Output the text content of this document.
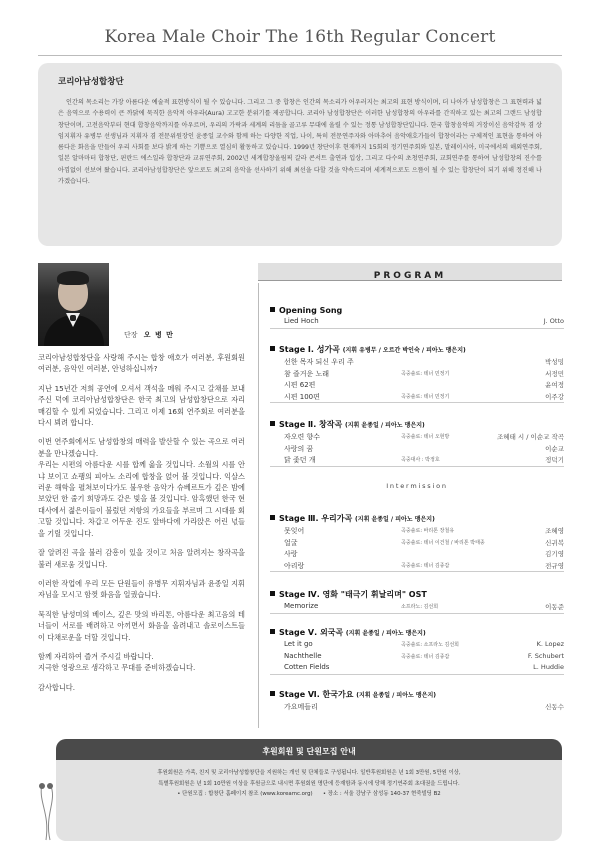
Korea Male Choir The 16th Regular Concert
코리아남성합창단

인간의 목소리는 가장 아름다운 예술적 표현방식이 될 수 있습니다. 그리고 그 중 합창은 인간의 목소리가 어우러지는 최고의 표현 방식이며, 더 나아가 남성합창은 그 표현력과 넓은 음역으로 수용력이 큰 까닭에 묵직한 음악적 아우라(Aura) 고고한 분위기를 제공합니다. 코리아 남성합창단은 이러한 남성합창의 아우라를 간직하고 있는 최고의 그랜드 남성합창단이며, 고전음악부터 현대 합창음악까지를 아우르며, 우리의 가락과 세계의 리듬을 골고루 무대에 올릴 수 있는 정통 남성합창단입니다. 한국 합창음악의 거장이신 음악감독 겸 상임지휘자 유병무 선생님과 지휘자 겸 전문위원장인 윤종일 교수와 함께 하는 다양한 직업, 나이, 특히 전문연주자와 아마추어 음악애호가들이 합창이라는 구체적인 표현을 통하여 아름다운 화음을 만들어 우리 사회를 보다 밝게 하는 기쁨으로 열심히 활동하고 있습니다. 1999년 창단이후 현재까지 15회의 정기연주회와 일본, 말레이시아, 미국에서의 해외연주회, 일본 알마마터 합창단, 핀란드 에스일라 합창단과 교류연주회, 2002년 세계합창올림픽 갈라 콘서트 출연과 입상, 그리고 다수의 초청연주회, 교회연주를 통하여 남성합창의 진수를 아낌없이 선보여 왔습니다. 코리아남성합창단은 앞으로도 최고의 음악을 선사하기 위해 최선을 다할 것을 약속드리며 세계적으로도 으뜸이 될 수 있는 합창단이 되기 위해 정진해 나가겠습니다.

단장 오 병 만

코리아남성합창단을 사랑해 주시는 합창 애호가 여러분, 후원회원 여러분, 음악인 여러분, 안녕하십니까?

지난 15년간 저희 공연에 오셔서 객석을 메워 주시고 갈채를 보내주신 덕에 코리아남성합창단은 한국 최고의 남성합창단으로 자리매김할 수 있게 되었습니다. 그리고 이제 16회 연주회로 여러분을 다시 뵈려 합니다.

이번 연주회에서도 남성합창의 매력을 발산할 수 있는 곡으로 여러분을 만나겠습니다.

우리는 시편의 아름다운 시를 합께 읊을 것입니다. 소월의 시를 안냐 보이고 쇼팽의 피아노 소리에 합창을 얹어 볼 것입니다. 익살스러운 해학을 펼쳐보이다가도 불우한 음악가 슈베르트가 깊은 밤에 보았던 한 줄기 희망과도 같은 빛을 볼 것입니다. 암흑했던 한국 현대사에서 젊은이들이 불렀던 저항의 가요들을 부르며 그 시대를 회고할 것입니다. 차갑고 어두운 진도 앞바다에 가라앉은 어린 넋들을 기릴 것입니다.

잘 알려진 곡을 불러 감흥이 있을 것이고 처음 알려지는 창작곡을 불러 새로움 것입니다.

이러한 작업에 우리 모든 단원들이 유병무 지휘자님과 윤종일 지휘자님을 모시고 함껏 화음을 일궜습니다.

묵직한 남성미의 베이스, 깊은 맛의 바리톤, 아름다운 최고음의 테너들이 서로를 배려하고 아끼면서 화음을 올려내고 솔로이스트들이 다채로운을 더할 것입니다.

함께 자리하여 즐겨 주시길 바랍니다.
지극한 영광으로 생각하고 무대를 준비하겠습니다.

감사합니다.

PROGRAM
Opening Song
Lied Hoch	J. Otto
Stage Ⅰ. 성가곡 (지휘 유병무 / 오르간 박인숙 / 피아노 맹은지)
선한 목자 되신 우리 주	박성밍
참 즐거운 노래	곡중솔로: 테너 민정기	서정민
시편 62편	윤여정
시편 100편	곡중솔로: 테너 민정기	이주강
Stage Ⅱ. 창작곡 (지휘 윤종일 / 피아노 맹은지)
자오련 향수	곡중솔로: 테너 오현방	조혜태 시 / 이순교 작곡
사랑의 꿈	이순교
닭 좇던 개	곡중대사 : 박정호	정덕기
Intermission
Stage Ⅲ. 우리가곡 (지휘 윤종일 / 피아노 맹은지)
못잊어	곡중솔로: 바리톤 장철유	조혜영
얼굴	곡중솔로: 테너 이건철 / 바리톤 박태종	신귀복
사랑	김기영
아리랑	곡중솔로: 테너 김종갑	전규영
Stage Ⅳ. 영화 "태극기 휘날리며" OST
Memorize	소프라노: 김선희	이동준
Stage Ⅴ. 외국곡 (지휘 윤종일 / 피아노 맹은지)
Let it go	곡중솔로: 소프라노 김선희	K. Lopez
Nachthelle	곡중솔로: 테너 김종갑	F. Schubert
Cotten Fields	L. Huddie
Stage Ⅵ. 한국가요 (지휘 윤종일 / 피아노 맹은지)
가요메들리	신동수
후원회원 및 단원모집 안내

후원회원은 가족, 친지 및 코리아남성합창단을 지원하는 개인 및 단체들로 구성됩니다. 일반후원회원은 년 1회 3만원, 5만원 이상,

특별후원회원은 년 1회 10만원 이상을 후원금으로 내시면 후원회원 명단에 등재함과 동시에 당해 정기연주회 초대권을 드립니다.

• 단원모집 : 합창단 홈페이지 참조 (www.koreamc.org) • 장소 : 서울 강남구 삼성동 140-37 현죽빌딩 B2
